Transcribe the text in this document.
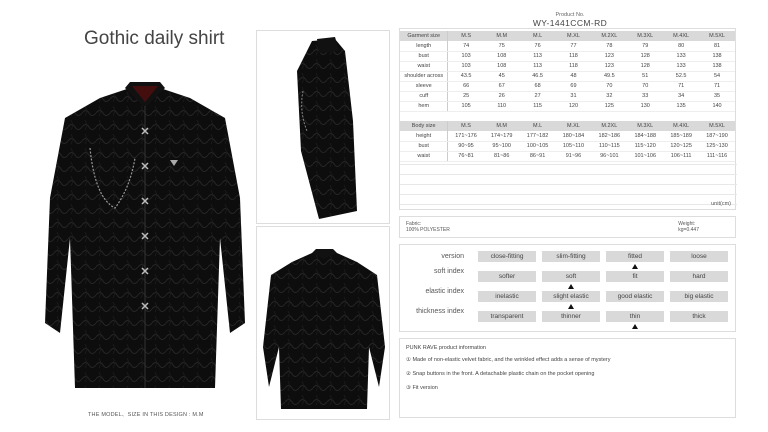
Gothic daily shirt
THE MODEL、SIZE IN THIS DESIGN : M.M
Product No.
WY-1441CCM-RD
Garment size	M.S	M.M	M.L	M.XL	M.2XL	M.3XL	M.4XL	M.5XL
length	74	75	76	77	78	79	80	81
bust	103	108	113	118	123	128	133	138
waist	103	108	113	118	123	128	133	138
shoulder across	43.5	45	46.5	48	49.5	51	52.5	54
sleeve	66	67	68	69	70	70	71	71
cuff	25	26	27	31	32	33	34	35
hem	105	110	115	120	125	130	135	140
Body size	M.S	M.M	M.L	M.XL	M.2XL	M.3XL	M.4XL	M.5XL
height	171~176	174~179	177~182	180~184	182~186	184~188	185~189	187~190
bust	90~95	95~100	100~105	105~110	110~115	115~120	120~125	125~130
waist	76~81	81~86	86~91	91~96	96~101	101~106	106~111	111~116
unit(cm)
Fabric:
100% POLYESTER
Weight:
kg=0.447
version	close-fitting	slim-fitting	fitted	loose
soft index
softer	soft	fit	hard
elastic index
inelastic	slight elastic	good elastic	big elastic
thickness index
transparent	thinner	thin	thick
PUNK RAVE product information
① Made of non-elastic velvet fabric, and the wrinkled effect adds a sense of mystery
② Snap buttons in the front. A detachable plastic chain on the pocket opening
③ Fit version
